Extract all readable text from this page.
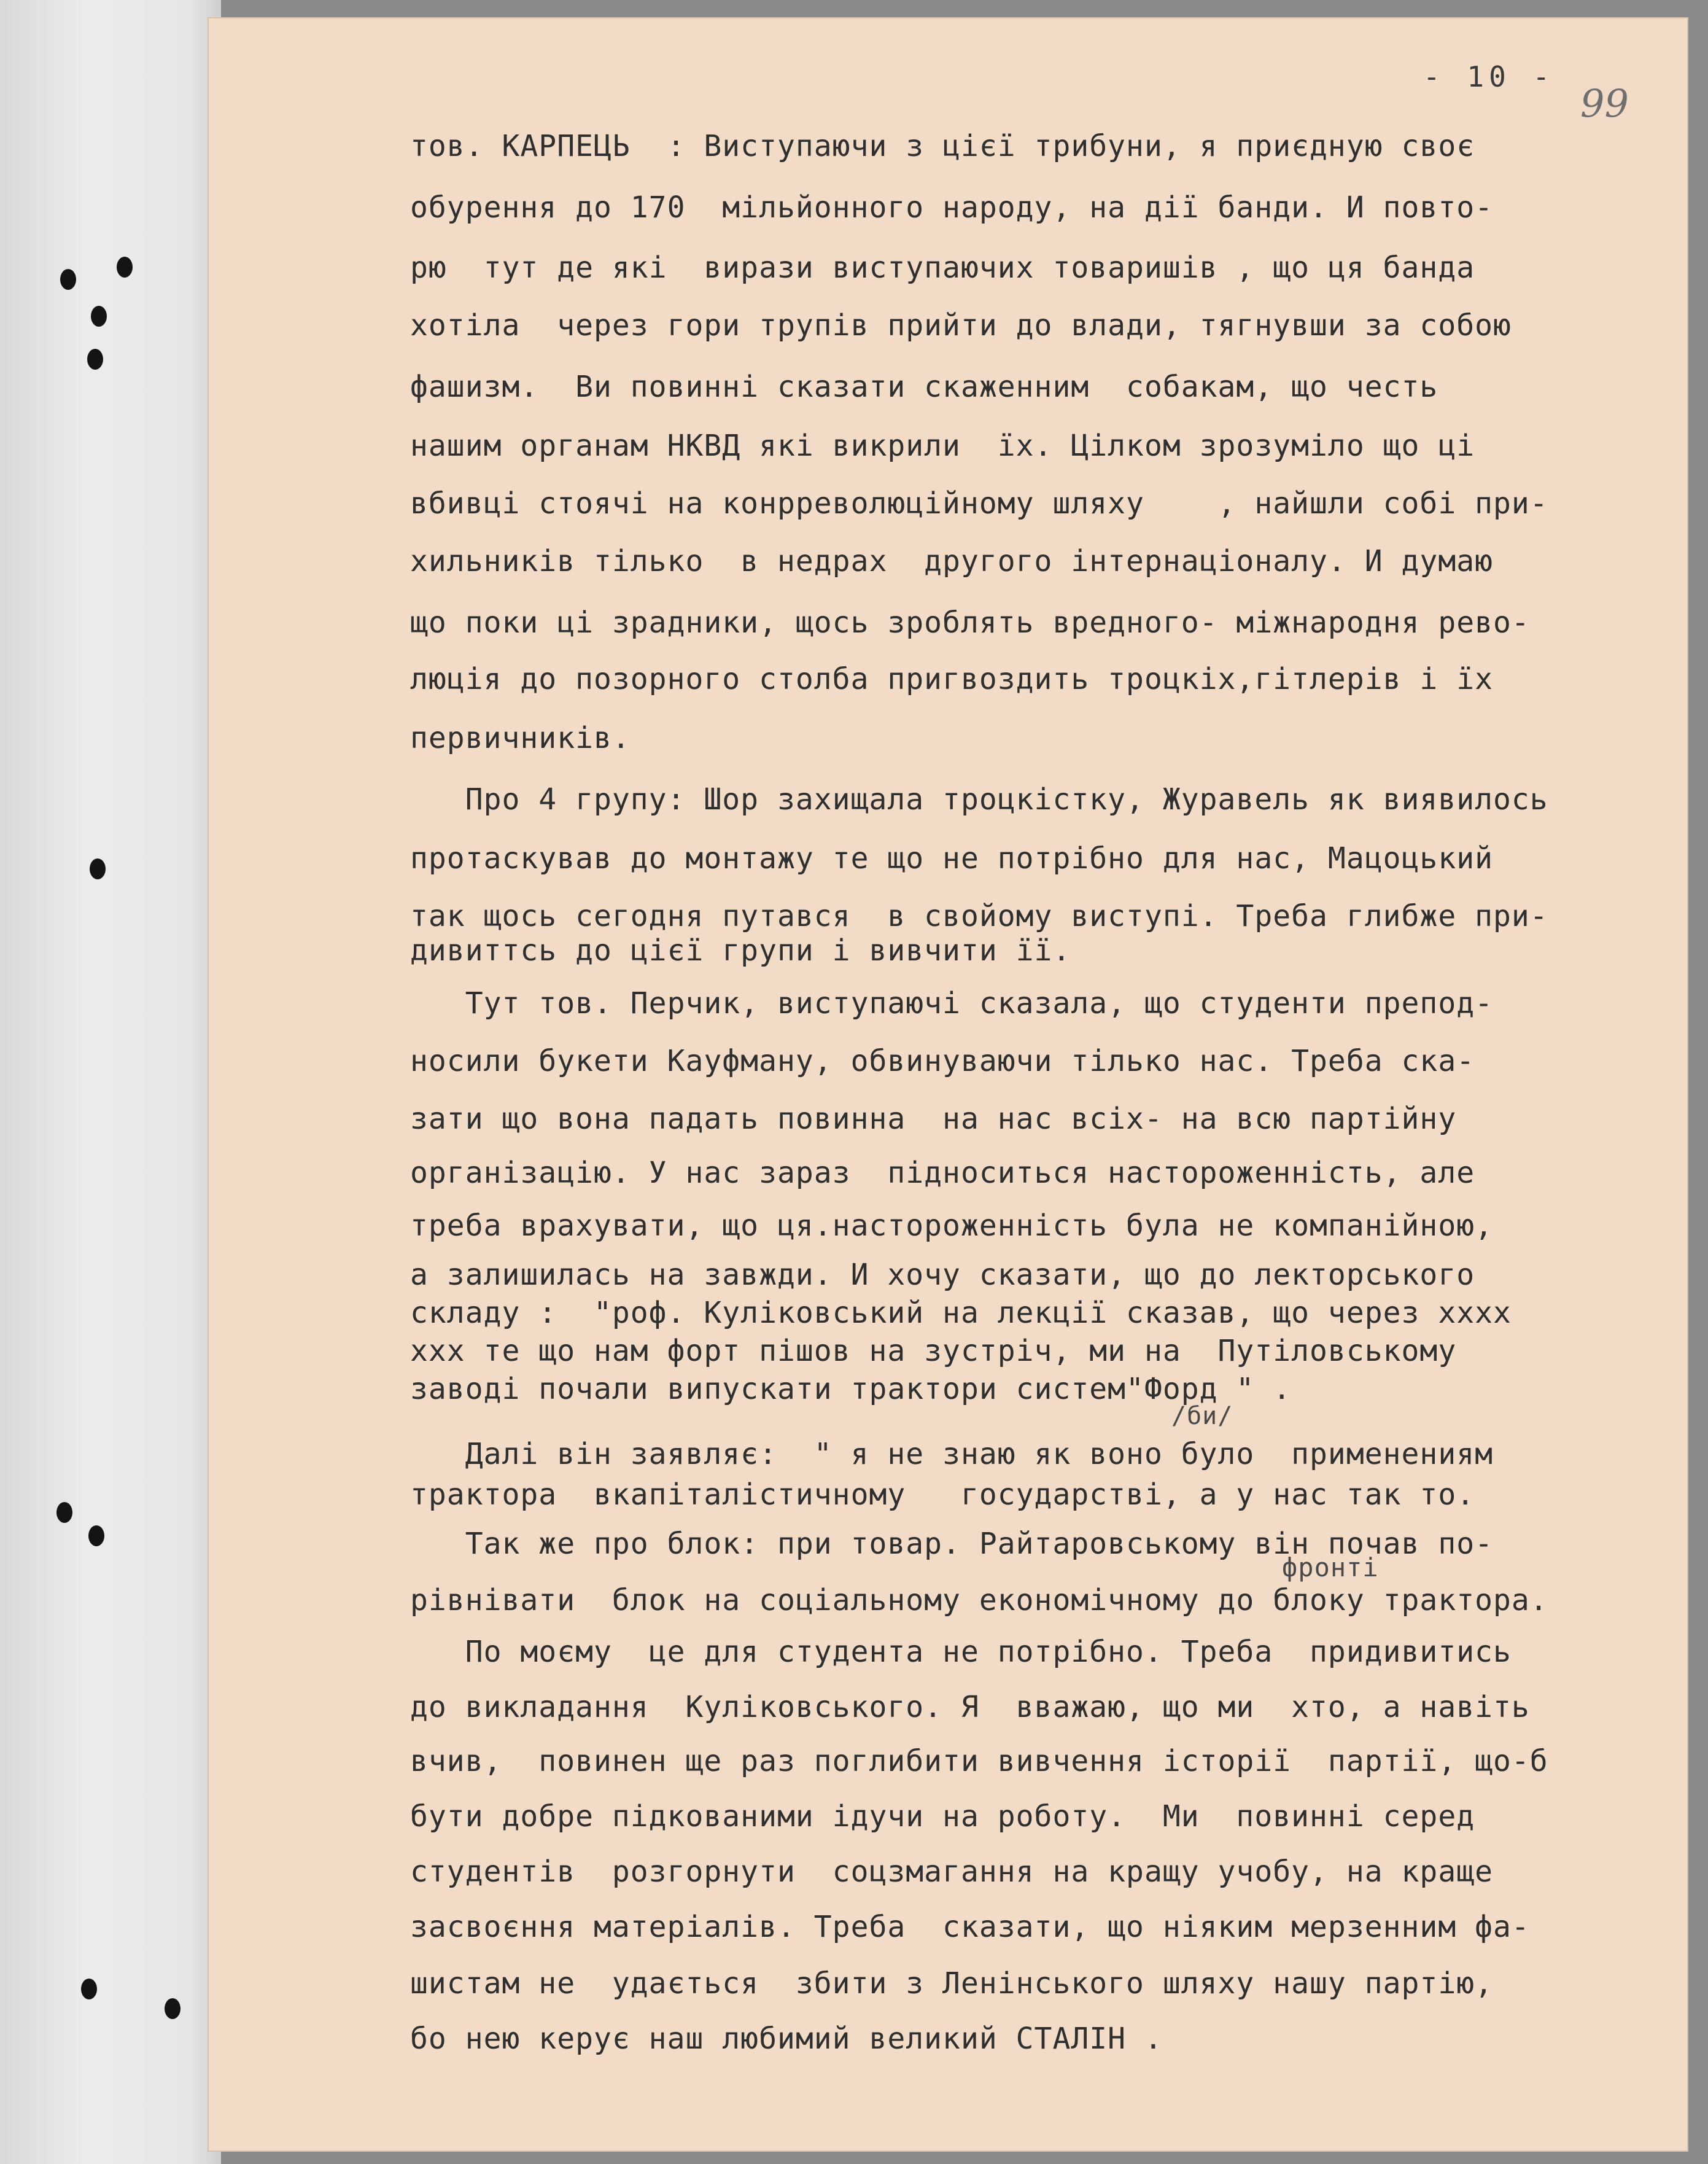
- 10 -
99

тов. КАРПЕЦЬ  : Виступаючи з цієї трибуни, я приєдную своє

обурення до 170  мільйонного народу, на дії банди. И повто-

рю  тут де які  вирази виступаючих товаришів , що ця банда

хотіла  через гори трупів прийти до влади, тягнувши за собою

фашизм.  Ви повинні сказати скаженним  собакам, що честь

нашим органам НКВД які викрили  їх. Цілком зрозуміло що ці

вбивці стоячі на конрреволюційному шляху    , найшли собі при-

хильників тілько  в недрах  другого інтернаціоналу. И думаю

що поки ці зрадники, щось зроблять вредного- міжнародня рево-

люція до позорного столба пригвоздить троцкіх,гітлерів і їх

первичників.

Про 4 групу: Шор захищала троцкістку, Журавель як виявилось

протаскував до монтажу те що не потрібно для нас, Мацоцький

так щось сегодня путався  в свойому виступі. Треба глибже при-

дивиттсь до цієї групи і вивчити її.

Тут тов. Перчик, виступаючі сказала, що студенти препод-

носили букети Кауфману, обвинуваючи тілько нас. Треба ска-

зати що вона падать повинна  на нас всіх- на всю партійну

організацію. У нас зараз  підноситься настороженність, але

треба врахувати, що ця.настороженність була не компанійною,

а залишилась на завжди. И хочу сказати, що до лекторського

складу :  "роф. Куліковський на лекції сказав, що через xxxx

xxx те що нам форт пішов на зустріч, ми на  Путіловському

заводі почали випускати трактори систем"Форд " .

/би/

Далі він заявляє:  " я не знаю як воно було  применениям

трактора  вкапіталістичному   государстві, а у нас так то.

Так же про блок: при товар. Райтаровському він почав по-

фронті

рівнівати  блок на соціальному економічному до блоку трактора.

По моєму  це для студента не потрібно. Треба  придивитись

до викладання  Куліковського. Я  вважаю, що ми  хто, а навіть

вчив,  повинен ще раз поглибити вивчення історії  партії, що-б

бути добре підкованими ідучи на роботу.  Ми  повинні серед

студентів  розгорнути  соцзмагання на кращу учобу, на краще

засвоєння матеріалів. Треба  сказати, що ніяким мерзенним фа-

шистам не  удається  збити з Ленінського шляху нашу партію,

бо нею керує наш любимий великий СТАЛІН .
